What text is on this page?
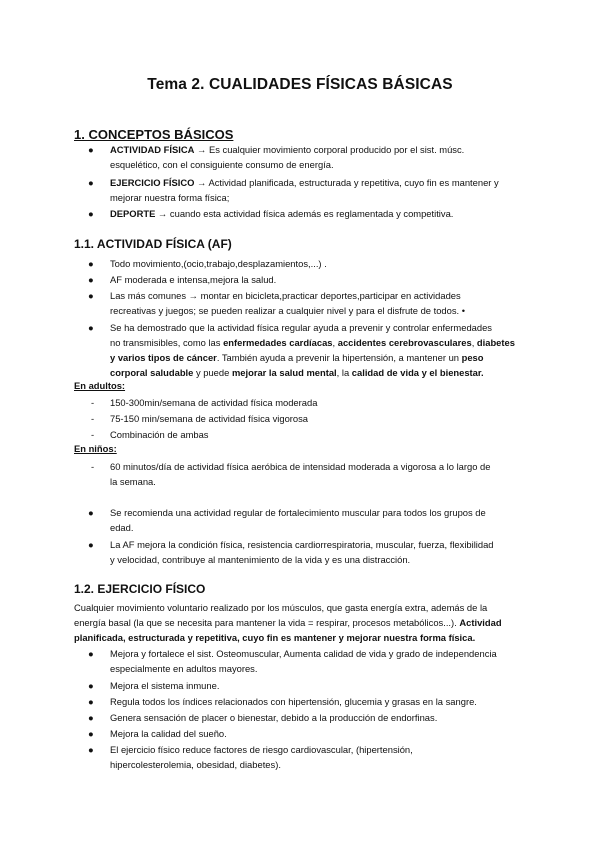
Tema 2. CUALIDADES FÍSICAS BÁSICAS
1. CONCEPTOS BÁSICOS
● ACTIVIDAD FÍSICA → Es cualquier movimiento corporal producido por el sist. músc.
esquelético, con el consiguiente consumo de energía.
● EJERCICIO FÍSICO → Actividad planificada, estructurada y repetitiva, cuyo fin es mantener y
mejorar nuestra forma física;
● DEPORTE → cuando esta actividad física además es reglamentada y competitiva.
1.1. ACTIVIDAD FÍSICA (AF)
● Todo movimiento,(ocio,trabajo,desplazamientos,...) .
● AF moderada e intensa,mejora la salud.
● Las más comunes → montar en bicicleta,practicar deportes,participar en actividades
recreativas y juegos; se pueden realizar a cualquier nivel y para el disfrute de todos. •
● Se ha demostrado que la actividad física regular ayuda a prevenir y controlar enfermedades
no transmisibles, como las enfermedades cardíacas, accidentes cerebrovasculares, diabetes
y varios tipos de cáncer. También ayuda a prevenir la hipertensión, a mantener un peso
corporal saludable y puede mejorar la salud mental, la calidad de vida y el bienestar.
En adultos:
- 150-300min/semana de actividad física moderada
- 75-150 min/semana de actividad física vigorosa
- Combinación de ambas
En niños:
- 60 minutos/día de actividad física aeróbica de intensidad moderada a vigorosa a lo largo de
la semana.
● Se recomienda una actividad regular de fortalecimiento muscular para todos los grupos de
edad.
● La AF mejora la condición física, resistencia cardiorrespiratoria, muscular, fuerza, flexibilidad
y velocidad, contribuye al mantenimiento de la vida y es una distracción.
1.2. EJERCICIO FÍSICO
Cualquier movimiento voluntario realizado por los músculos, que gasta energía extra, además de la
energía basal (la que se necesita para mantener la vida = respirar, procesos metabólicos...). Actividad
planificada, estructurada y repetitiva, cuyo fin es mantener y mejorar nuestra forma física.
● Mejora y fortalece el sist. Osteomuscular, Aumenta calidad de vida y grado de independencia
especialmente en adultos mayores.
● Mejora el sistema inmune.
● Regula todos los índices relacionados con hipertensión, glucemia y grasas en la sangre.
● Genera sensación de placer o bienestar, debido a la producción de endorfinas.
● Mejora la calidad del sueño.
● El ejercicio físico reduce factores de riesgo cardiovascular, (hipertensión,
hipercolesterolemia, obesidad, diabetes).
